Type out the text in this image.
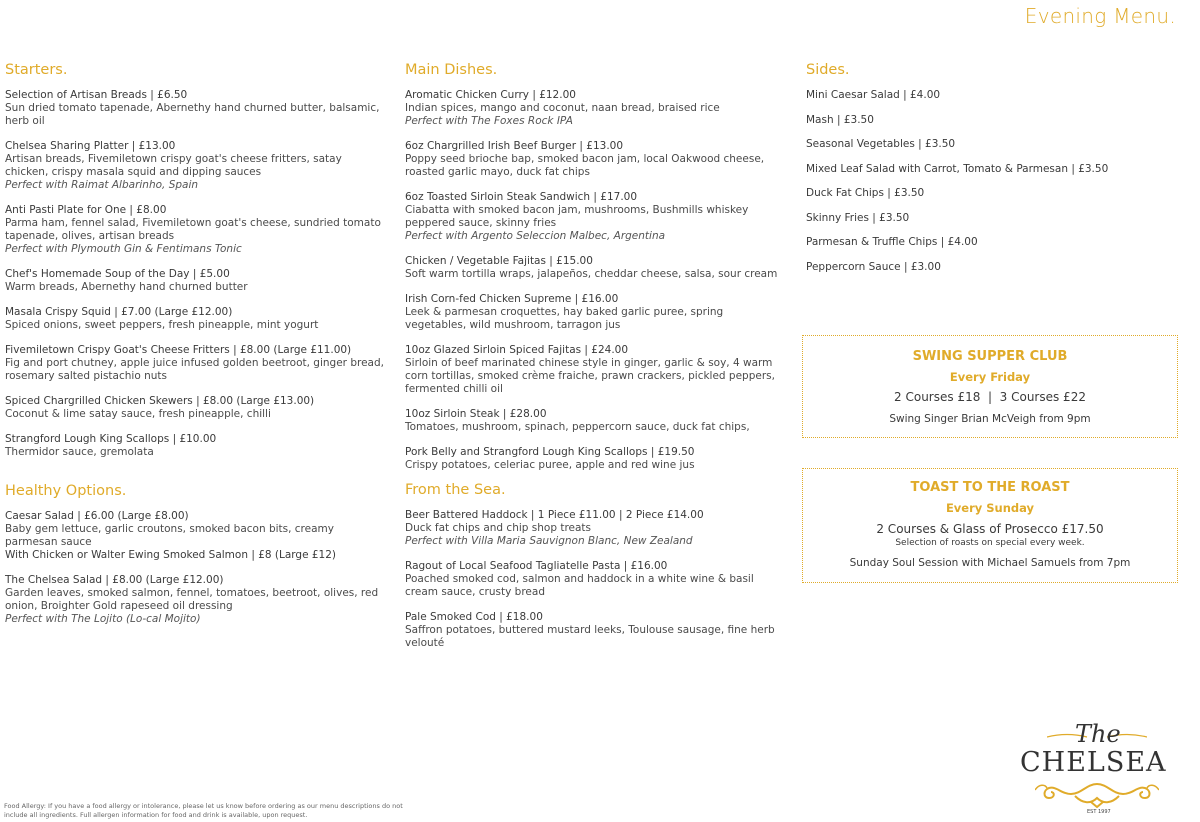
Evening Menu.
Starters.
Selection of Artisan Breads | £6.50
Sun dried tomato tapenade, Abernethy hand churned butter, balsamic, herb oil
Chelsea Sharing Platter | £13.00
Artisan breads, Fivemiletown crispy goat's cheese fritters, satay chicken, crispy masala squid and dipping sauces
Perfect with Raimat Albarinho, Spain
Anti Pasti Plate for One | £8.00
Parma ham, fennel salad, Fivemiletown goat's cheese, sundried tomato tapenade, olives, artisan breads
Perfect with Plymouth Gin & Fentimans Tonic
Chef's Homemade Soup of the Day | £5.00
Warm breads, Abernethy hand churned butter
Masala Crispy Squid | £7.00 (Large £12.00)
Spiced onions, sweet peppers, fresh pineapple, mint yogurt
Fivemiletown Crispy Goat's Cheese Fritters | £8.00 (Large £11.00)
Fig and port chutney, apple juice infused golden beetroot, ginger bread, rosemary salted pistachio nuts
Spiced Chargrilled Chicken Skewers | £8.00 (Large £13.00)
Coconut & lime satay sauce, fresh pineapple, chilli
Strangford Lough King Scallops | £10.00
Thermidor sauce, gremolata
Healthy Options.
Caesar Salad | £6.00 (Large £8.00)
Baby gem lettuce, garlic croutons, smoked bacon bits, creamy parmesan sauce
With Chicken or Walter Ewing Smoked Salmon | £8 (Large £12)
The Chelsea Salad | £8.00 (Large £12.00)
Garden leaves, smoked salmon, fennel, tomatoes, beetroot, olives, red onion, Broighter Gold rapeseed oil dressing
Perfect with The Lojito (Lo-cal Mojito)
Main Dishes.
Aromatic Chicken Curry | £12.00
Indian spices, mango and coconut, naan bread, braised rice
Perfect with The Foxes Rock IPA
6oz Chargrilled Irish Beef Burger | £13.00
Poppy seed brioche bap, smoked bacon jam, local Oakwood cheese, roasted garlic mayo, duck fat chips
6oz Toasted Sirloin Steak Sandwich | £17.00
Ciabatta with smoked bacon jam, mushrooms, Bushmills whiskey peppered sauce, skinny fries
Perfect with Argento Seleccion Malbec, Argentina
Chicken / Vegetable Fajitas | £15.00
Soft warm tortilla wraps, jalapeños, cheddar cheese, salsa, sour cream
Irish Corn-fed Chicken Supreme | £16.00
Leek & parmesan croquettes, hay baked garlic puree, spring vegetables, wild mushroom, tarragon jus
10oz Glazed Sirloin Spiced Fajitas | £24.00
Sirloin of beef marinated chinese style in ginger, garlic & soy, 4 warm corn tortillas, smoked crème fraiche, prawn crackers, pickled peppers, fermented chilli oil
10oz Sirloin Steak | £28.00
Tomatoes, mushroom, spinach, peppercorn sauce, duck fat chips,
Pork Belly and Strangford Lough King Scallops | £19.50
Crispy potatoes, celeriac puree, apple and red wine jus
From the Sea.
Beer Battered Haddock | 1 Piece £11.00 | 2 Piece £14.00
Duck fat chips and chip shop treats
Perfect with Villa Maria Sauvignon Blanc, New Zealand
Ragout of Local Seafood Tagliatelle Pasta | £16.00
Poached smoked cod, salmon and haddock in a white wine & basil cream sauce, crusty bread
Pale Smoked Cod | £18.00
Saffron potatoes, buttered mustard leeks, Toulouse sausage, fine herb velouté
Sides.
Mini Caesar Salad | £4.00
Mash | £3.50
Seasonal Vegetables | £3.50
Mixed Leaf Salad with Carrot, Tomato & Parmesan | £3.50
Duck Fat Chips | £3.50
Skinny Fries | £3.50
Parmesan & Truffle Chips | £4.00
Peppercorn Sauce | £3.00
SWING SUPPER CLUB
Every Friday
2 Courses £18  |  3 Courses £22
Swing Singer Brian McVeigh from 9pm
TOAST TO THE ROAST
Every Sunday
2 Courses & Glass of Prosecco £17.50
Selection of roasts on special every week.
Sunday Soul Session with Michael Samuels from 7pm
Food Allergy: If you have a food allergy or intolerance, please let us know before ordering as our menu descriptions do not include all ingredients. Full allergen information for food and drink is available, upon request.
The
CHELSEA
EST 1997
